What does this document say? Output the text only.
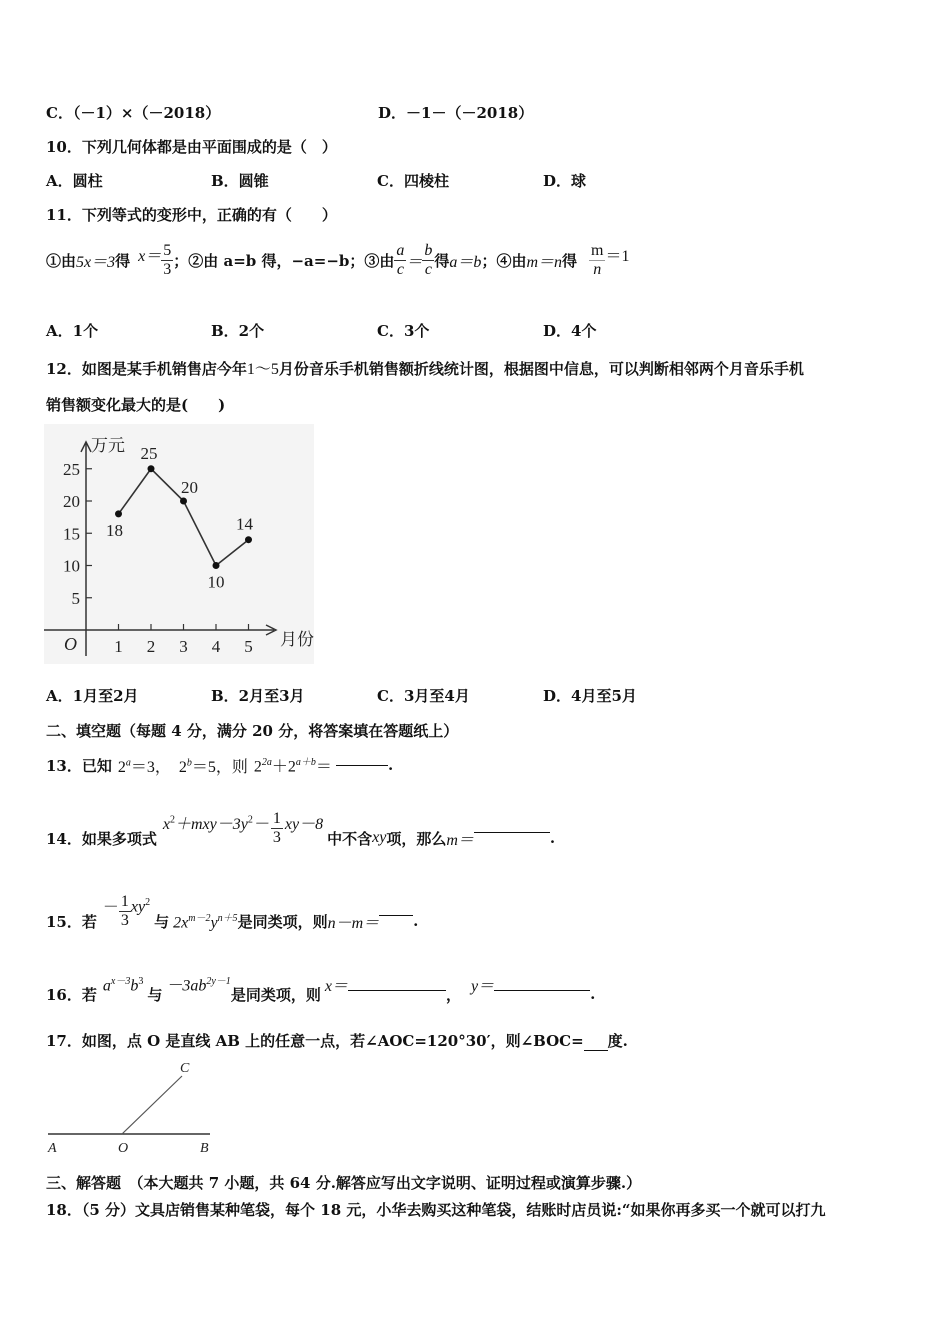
C．（－1）×（－2018）	D．－1－（－2018）
10．下列几何体都是由平面围成的是（　）
A．圆柱	B．圆锥	C．四棱柱	D．球
11．下列等式的变形中，正确的有（　　）
①由 5x＝3 得 $x= \frac{5}{3}$ ；②由 a=b 得，−a=−b；③由 $\frac{a}{c} = \frac{b}{c}$ 得 a＝b ；④由 m＝n 得 $\frac{m}{n} =1$
A．1个	B．2个	C．3个	D．4个
12．如图是某手机销售店今年1～5月份音乐手机销售额折线统计图，根据图中信息，可以判断相邻两个月音乐手机
销售额变化最大的是(　　)
万元
月份
O
5
10
15
20
25
1 2 3 4 5
18
25
20
10
14
A．1月至2月	B．2月至3月	C．3月至4月	D．4月至5月
二、填空题（每题 4 分，满分 20 分，将答案填在答题纸上）
13．已知 $2^a=3$， $2^b=5$，则 $2^{2a}+2^{a+b}=$	.
14．如果多项式
$x^2+mxy-3y^2- \frac{1}{3} xy-8$
中不含 xy 项，那么 m＝	.
15．若
－ $\frac{1}{3} xy^2$
与 $2x^{m-2}y^{n+5}$ 是同类项，则 n－m＝ .
16．若 $a^{x-3}b^3$
与 $-3ab^{2y-1}$
是同类项，则 x＝	， y＝	.
17．如图，点 O 是直线 AB 上的任意一点，若∠AOC=120°30′，则∠BOC= 度.
A	O	B
C
三、解答题　（本大题共 7 小题，共 64 分.解答应写出文字说明、证明过程或演算步骤.）
18．（5 分）文具店销售某种笔袋，每个 18 元，小华去购买这种笔袋，结账时店员说:“如果你再多买一个就可以打九
